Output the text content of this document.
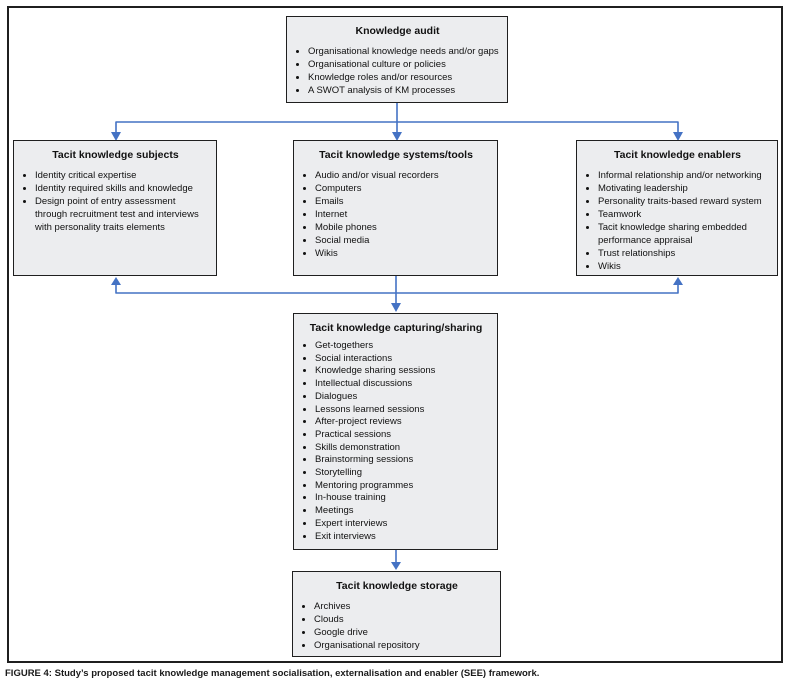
Knowledge audit
• Organisational knowledge needs and/or gaps
• Organisational culture or policies
• Knowledge roles and/or resources
• A SWOT analysis of KM processes
Tacit knowledge subjects
• Identity critical expertise
• Identity required skills and knowledge
• Design point of entry assessment through recruitment test and interviews with personality traits elements
Tacit knowledge systems/tools
• Audio and/or visual recorders
• Computers
• Emails
• Internet
• Mobile phones
• Social media
• Wikis
Tacit knowledge enablers
• Informal relationship and/or networking
• Motivating leadership
• Personality traits-based reward system
• Teamwork
• Tacit knowledge sharing embedded performance appraisal
• Trust relationships
• Wikis
Tacit knowledge capturing/sharing
• Get-togethers
• Social interactions
• Knowledge sharing sessions
• Intellectual discussions
• Dialogues
• Lessons learned sessions
• After-project reviews
• Practical sessions
• Skills demonstration
• Brainstorming sessions
• Storytelling
• Mentoring programmes
• In-house training
• Meetings
• Expert interviews
• Exit interviews
Tacit knowledge storage
• Archives
• Clouds
• Google drive
• Organisational repository
FIGURE 4: Study’s proposed tacit knowledge management socialisation, externalisation and enabler (SEE) framework.
